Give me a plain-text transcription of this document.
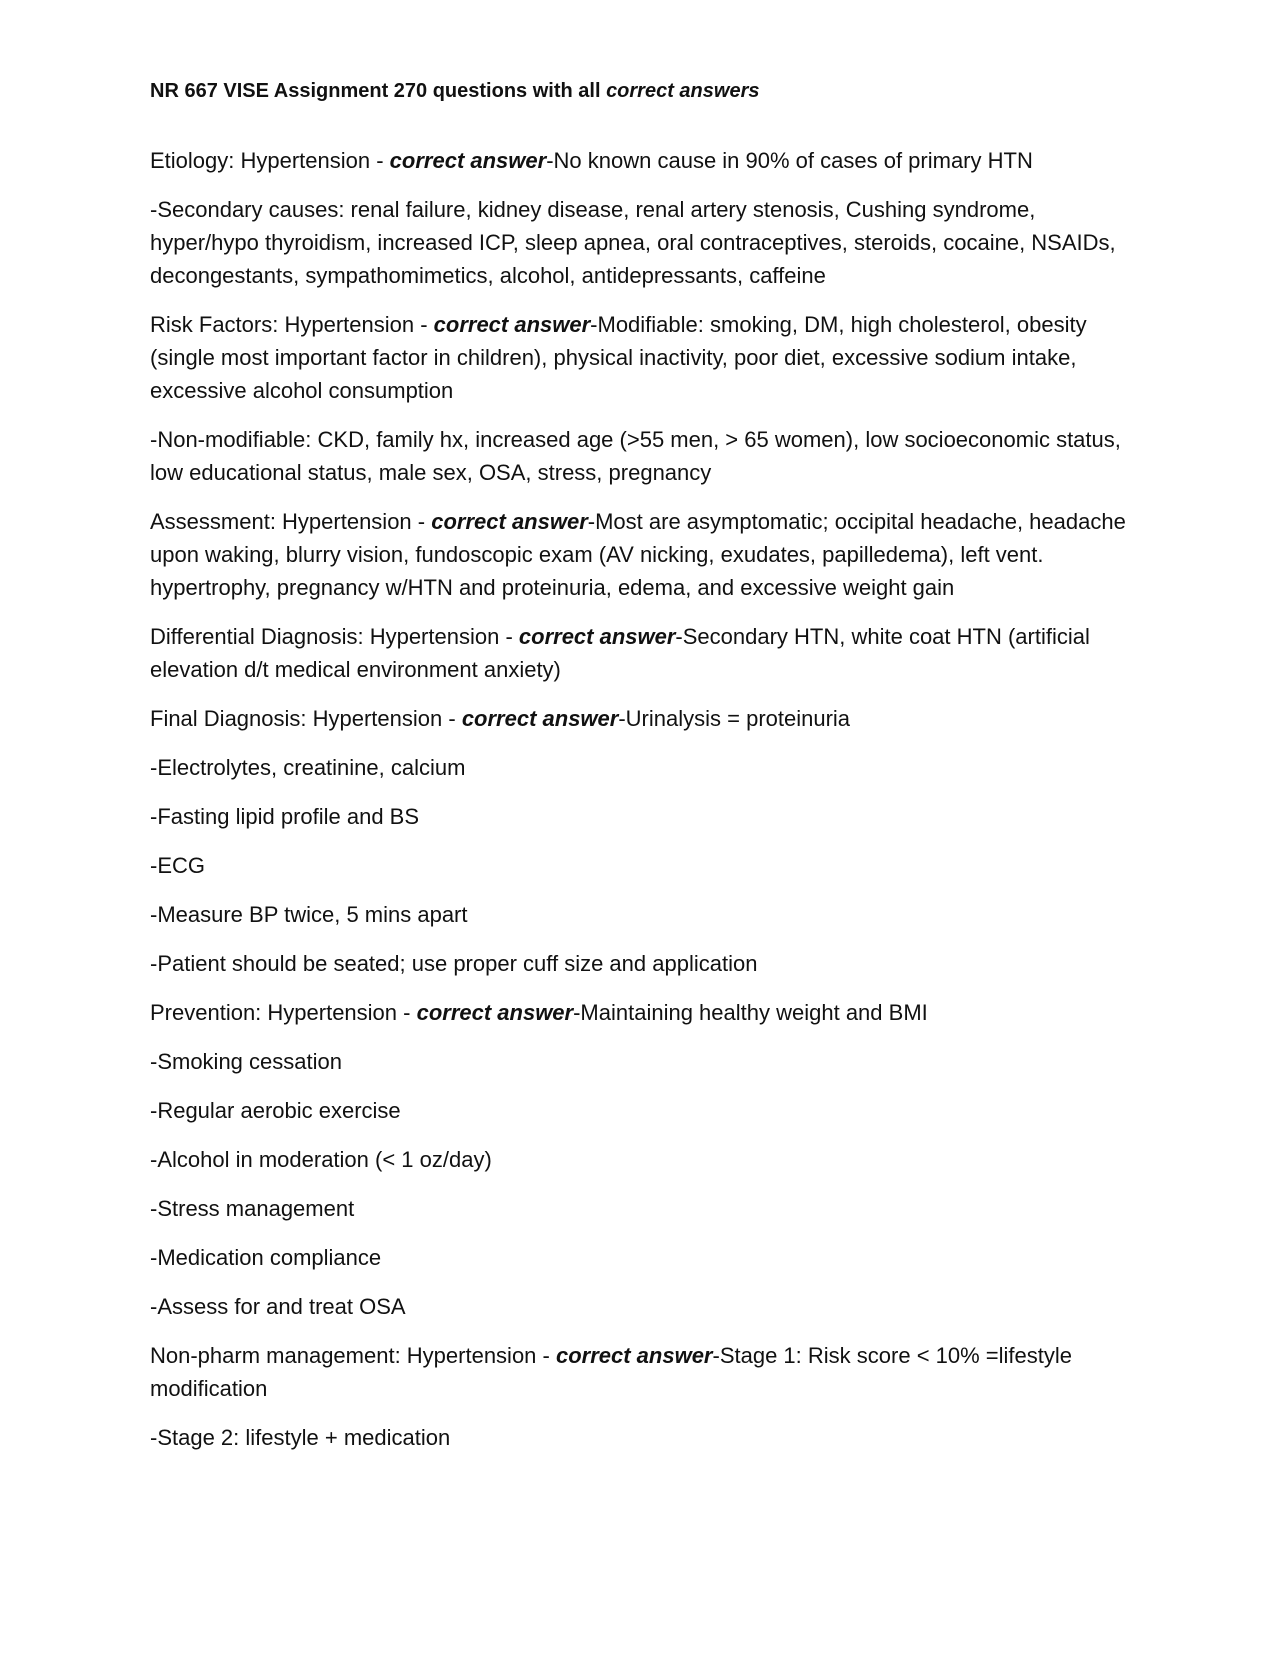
NR 667 VISE Assignment 270 questions with all correct answers

Etiology: Hypertension - correct answer-No known cause in 90% of cases of primary HTN

-Secondary causes: renal failure, kidney disease, renal artery stenosis, Cushing syndrome, hyper/hypo thyroidism, increased ICP, sleep apnea, oral contraceptives, steroids, cocaine, NSAIDs, decongestants, sympathomimetics, alcohol, antidepressants, caffeine

Risk Factors: Hypertension - correct answer-Modifiable: smoking, DM, high cholesterol, obesity (single most important factor in children), physical inactivity, poor diet, excessive sodium intake, excessive alcohol consumption

-Non-modifiable: CKD, family hx, increased age (>55 men, > 65 women), low socioeconomic status, low educational status, male sex, OSA, stress, pregnancy

Assessment: Hypertension - correct answer-Most are asymptomatic; occipital headache, headache upon waking, blurry vision, fundoscopic exam (AV nicking, exudates, papilledema), left vent. hypertrophy, pregnancy w/HTN and proteinuria, edema, and excessive weight gain

Differential Diagnosis: Hypertension - correct answer-Secondary HTN, white coat HTN (artificial elevation d/t medical environment anxiety)

Final Diagnosis: Hypertension - correct answer-Urinalysis = proteinuria

-Electrolytes, creatinine, calcium

-Fasting lipid profile and BS

-ECG

-Measure BP twice, 5 mins apart

-Patient should be seated; use proper cuff size and application

Prevention: Hypertension - correct answer-Maintaining healthy weight and BMI

-Smoking cessation

-Regular aerobic exercise

-Alcohol in moderation (< 1 oz/day)

-Stress management

-Medication compliance

-Assess for and treat OSA

Non-pharm management: Hypertension - correct answer-Stage 1: Risk score < 10% =lifestyle modification

-Stage 2: lifestyle + medication
